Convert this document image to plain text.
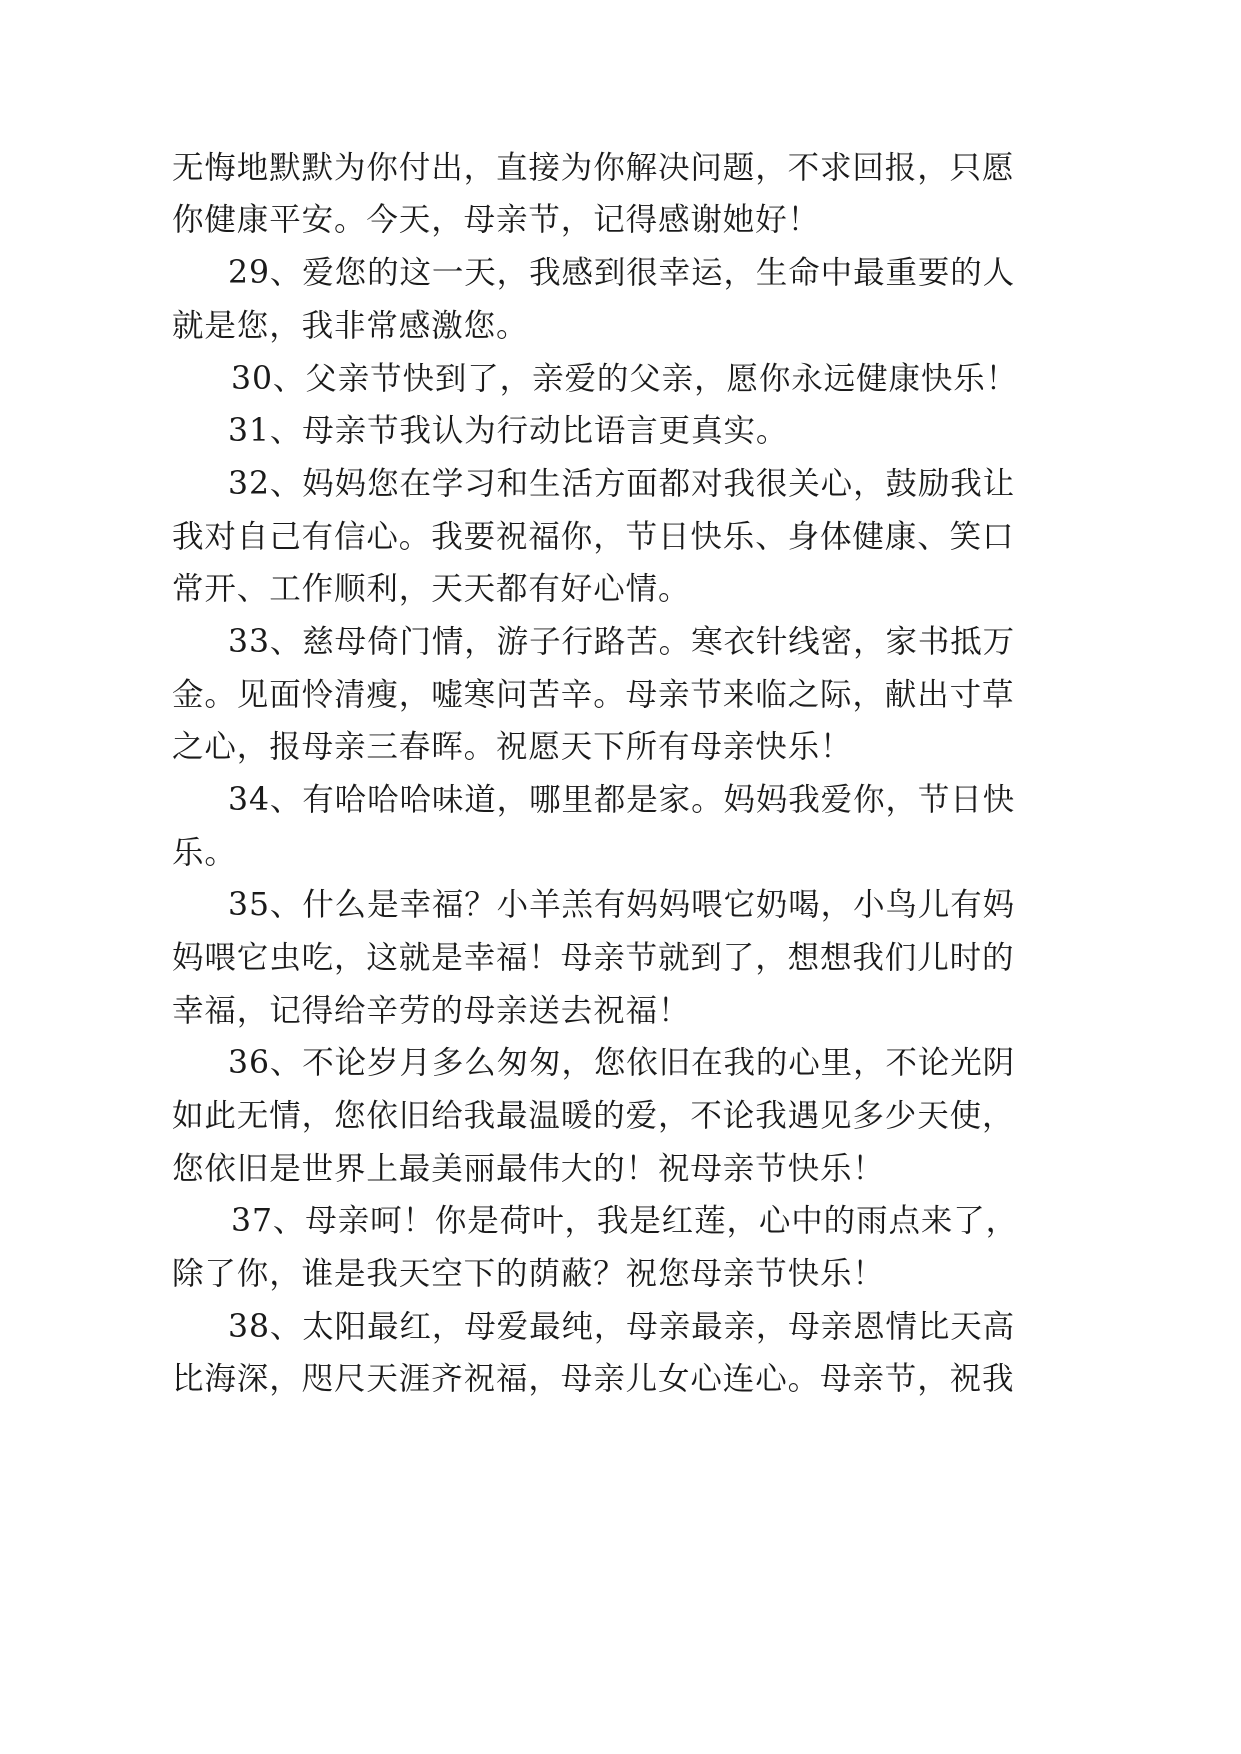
无悔地默默为你付出，直接为你解决问题，不求回报，只愿

你健康平安。今天，母亲节，记得感谢她好！

29、爱您的这一天，我感到很幸运，生命中最重要的人

就是您，我非常感激您。

30、父亲节快到了，亲爱的父亲，愿你永远健康快乐！

31、母亲节我认为行动比语言更真实。

32、妈妈您在学习和生活方面都对我很关心，鼓励我让

我对自己有信心。我要祝福你，节日快乐、身体健康、笑口

常开、工作顺利，天天都有好心情。

33、慈母倚门情，游子行路苦。寒衣针线密，家书抵万

金。见面怜清瘦，嘘寒问苦辛。母亲节来临之际，献出寸草

之心，报母亲三春晖。祝愿天下所有母亲快乐！

34、有哈哈哈味道，哪里都是家。妈妈我爱你，节日快

乐。

35、什么是幸福？小羊羔有妈妈喂它奶喝，小鸟儿有妈

妈喂它虫吃，这就是幸福！母亲节就到了，想想我们儿时的

幸福，记得给辛劳的母亲送去祝福！

36、不论岁月多么匆匆，您依旧在我的心里，不论光阴

如此无情，您依旧给我最温暖的爱，不论我遇见多少天使，

您依旧是世界上最美丽最伟大的！祝母亲节快乐！

37、母亲呵！你是荷叶，我是红莲，心中的雨点来了，

除了你，谁是我天空下的荫蔽？祝您母亲节快乐！

38、太阳最红，母爱最纯，母亲最亲，母亲恩情比天高

比海深，咫尺天涯齐祝福，母亲儿女心连心。母亲节，祝我
